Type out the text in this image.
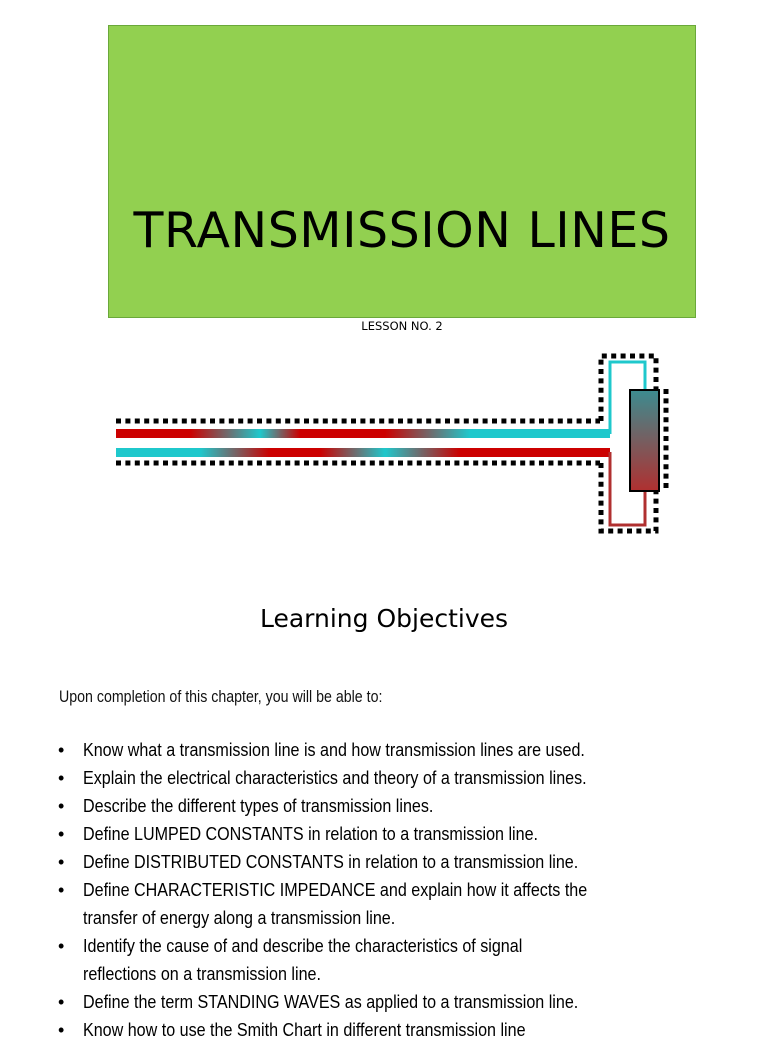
TRANSMISSION LINES
LESSON NO. 2
Learning Objectives
Upon completion of this chapter, you will be able to:
• Know what a transmission line is and how transmission lines are used.
• Explain the electrical characteristics and theory of a transmission lines.
• Describe the different types of transmission lines.
• Define LUMPED CONSTANTS in relation to a transmission line.
• Define DISTRIBUTED CONSTANTS in relation to a transmission line.
• Define CHARACTERISTIC IMPEDANCE and explain how it affects the
transfer of energy along a transmission line.
• Identify the cause of and describe the characteristics of signal
reflections on a transmission line.
• Define the term STANDING WAVES as applied to a transmission line.
• Know how to use the Smith Chart in different transmission line
